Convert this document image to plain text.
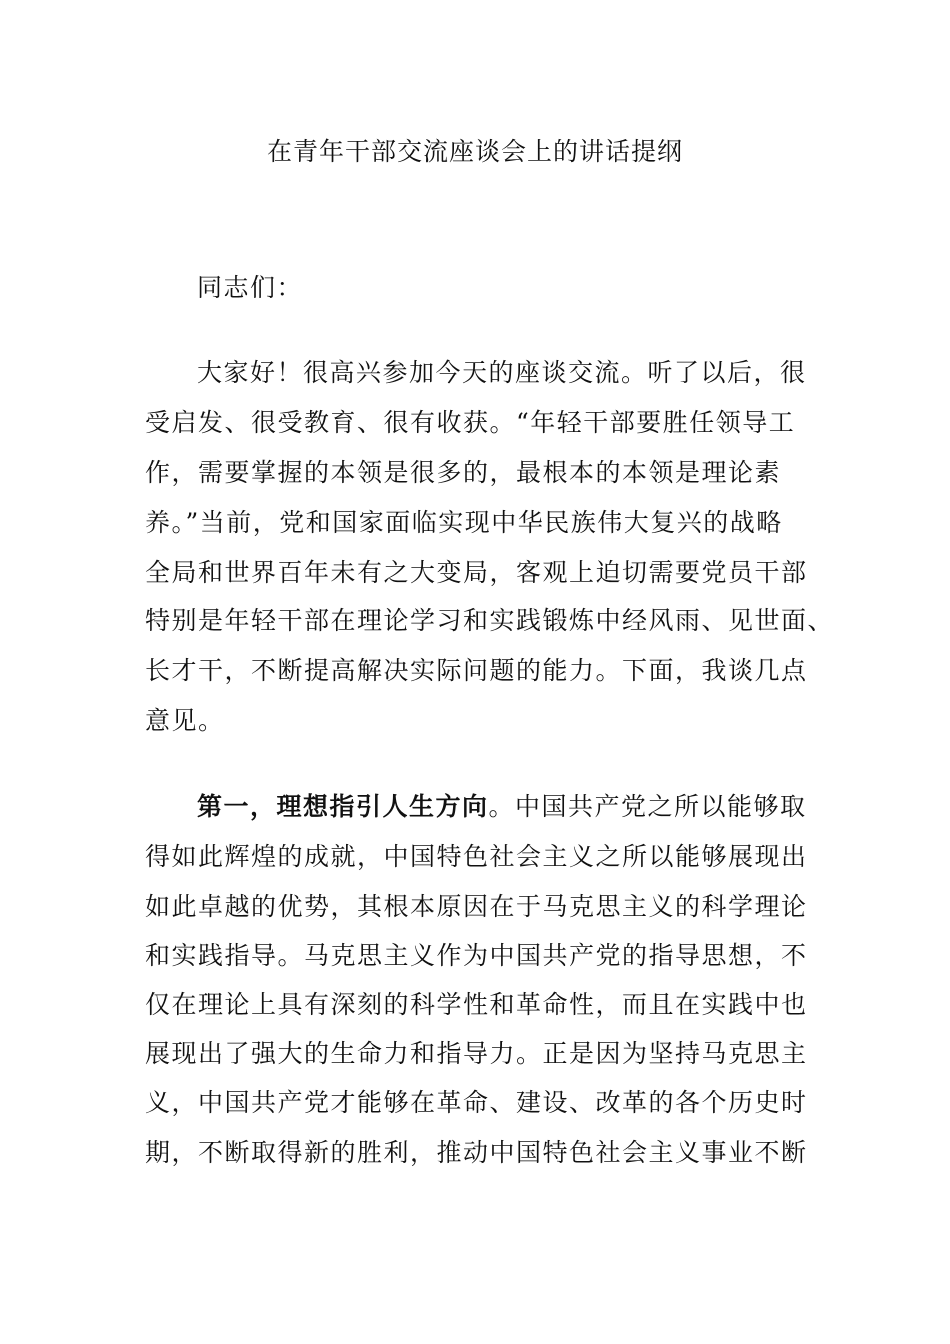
在青年干部交流座谈会上的讲话提纲
同志们：
大家好！很高兴参加今天的座谈交流。听了以后，很
受启发、很受教育、很有收获。“年轻干部要胜任领导工
作，需要掌握的本领是很多的，最根本的本领是理论素
养。”当前，党和国家面临实现中华民族伟大复兴的战略
全局和世界百年未有之大变局，客观上迫切需要党员干部
特别是年轻干部在理论学习和实践锻炼中经风雨、见世面、
长才干，不断提高解决实际问题的能力。下面，我谈几点
意见。
第一，理想指引人生方向。中国共产党之所以能够取
得如此辉煌的成就，中国特色社会主义之所以能够展现出
如此卓越的优势，其根本原因在于马克思主义的科学理论
和实践指导。马克思主义作为中国共产党的指导思想，不
仅在理论上具有深刻的科学性和革命性，而且在实践中也
展现出了强大的生命力和指导力。正是因为坚持马克思主
义，中国共产党才能够在革命、建设、改革的各个历史时
期，不断取得新的胜利，推动中国特色社会主义事业不断
